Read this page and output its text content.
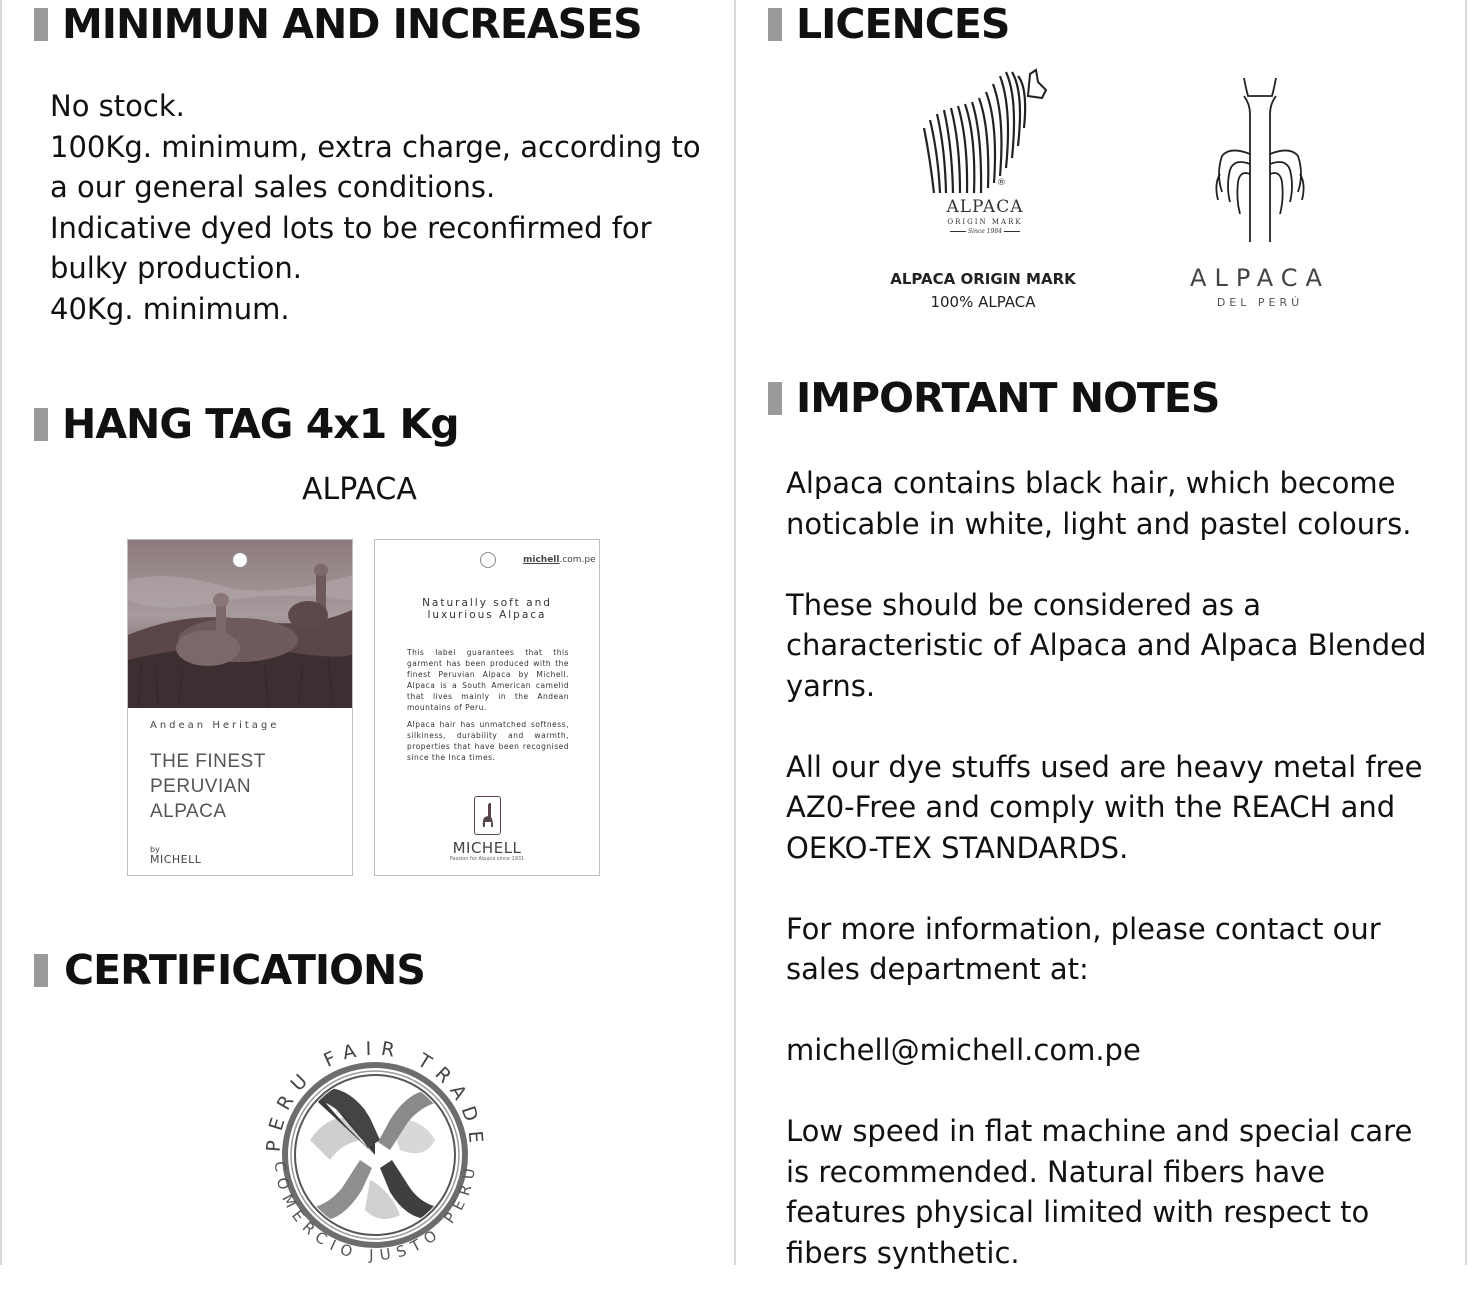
MINIMUN AND INCREASES
No stock.
100Kg. minimum, extra charge, according to
a our general sales conditions.
Indicative dyed lots to be reconfirmed for
bulky production.
40Kg. minimum.
HANG TAG 4x1 Kg
ALPACA
Andean Heritage
THE FINEST
PERUVIAN
ALPACA
by
MICHELL
michell.com.pe
Naturally soft and
luxurious Alpaca

This label guarantees that this garment has been produced with the finest Peruvian Alpaca by Michell. Alpaca is a South American camelid that lives mainly in the Andean mountains of Peru.

Alpaca hair has unmatched softness, silkiness, durability and warmth, properties that have been recognised since the Inca times.

MICHELL
Passion for Alpaca since 1931
CERTIFICATIONS
PERU FAIR TRADE
COMERCIO JUSTO PERÚ
LICENCES
®
ALPACA
ORIGIN MARK
Since 1984
ALPACA ORIGIN MARK
100% ALPACA
ALPACA
DEL PERÚ
IMPORTANT NOTES
Alpaca contains black hair, which become
noticable in white, light and pastel colours.
These should be considered as a
characteristic of Alpaca and Alpaca Blended
yarns.
All our dye stuffs used are heavy metal free
AZ0-Free and comply with the REACH and
OEKO-TEX STANDARDS.
For more information, please contact our
sales department at:
michell@michell.com.pe
Low speed in flat machine and special care
is recommended. Natural fibers have
features physical limited with respect to
fibers synthetic.
